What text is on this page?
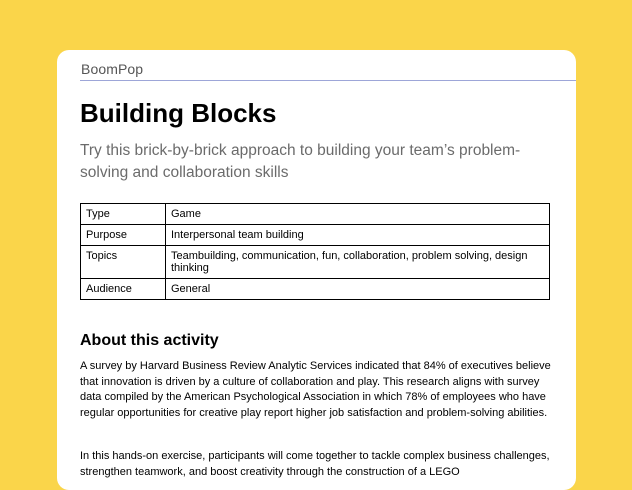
BoomPop
Building Blocks

Try this brick-by-brick approach to building your team’s problem-solving and collaboration skills

Type	Game
Purpose	Interpersonal team building
Topics	Teambuilding, communication, fun, collaboration, problem solving, design thinking
Audience	General
About this activity

A survey by Harvard Business Review Analytic Services indicated that 84% of executives believe that innovation is driven by a culture of collaboration and play. This research aligns with survey data compiled by the American Psychological Association in which 78% of employees who have regular opportunities for creative play report higher job satisfaction and problem-solving abilities.

In this hands-on exercise, participants will come together to tackle complex business challenges, strengthen teamwork, and boost creativity through the construction of a LEGO
